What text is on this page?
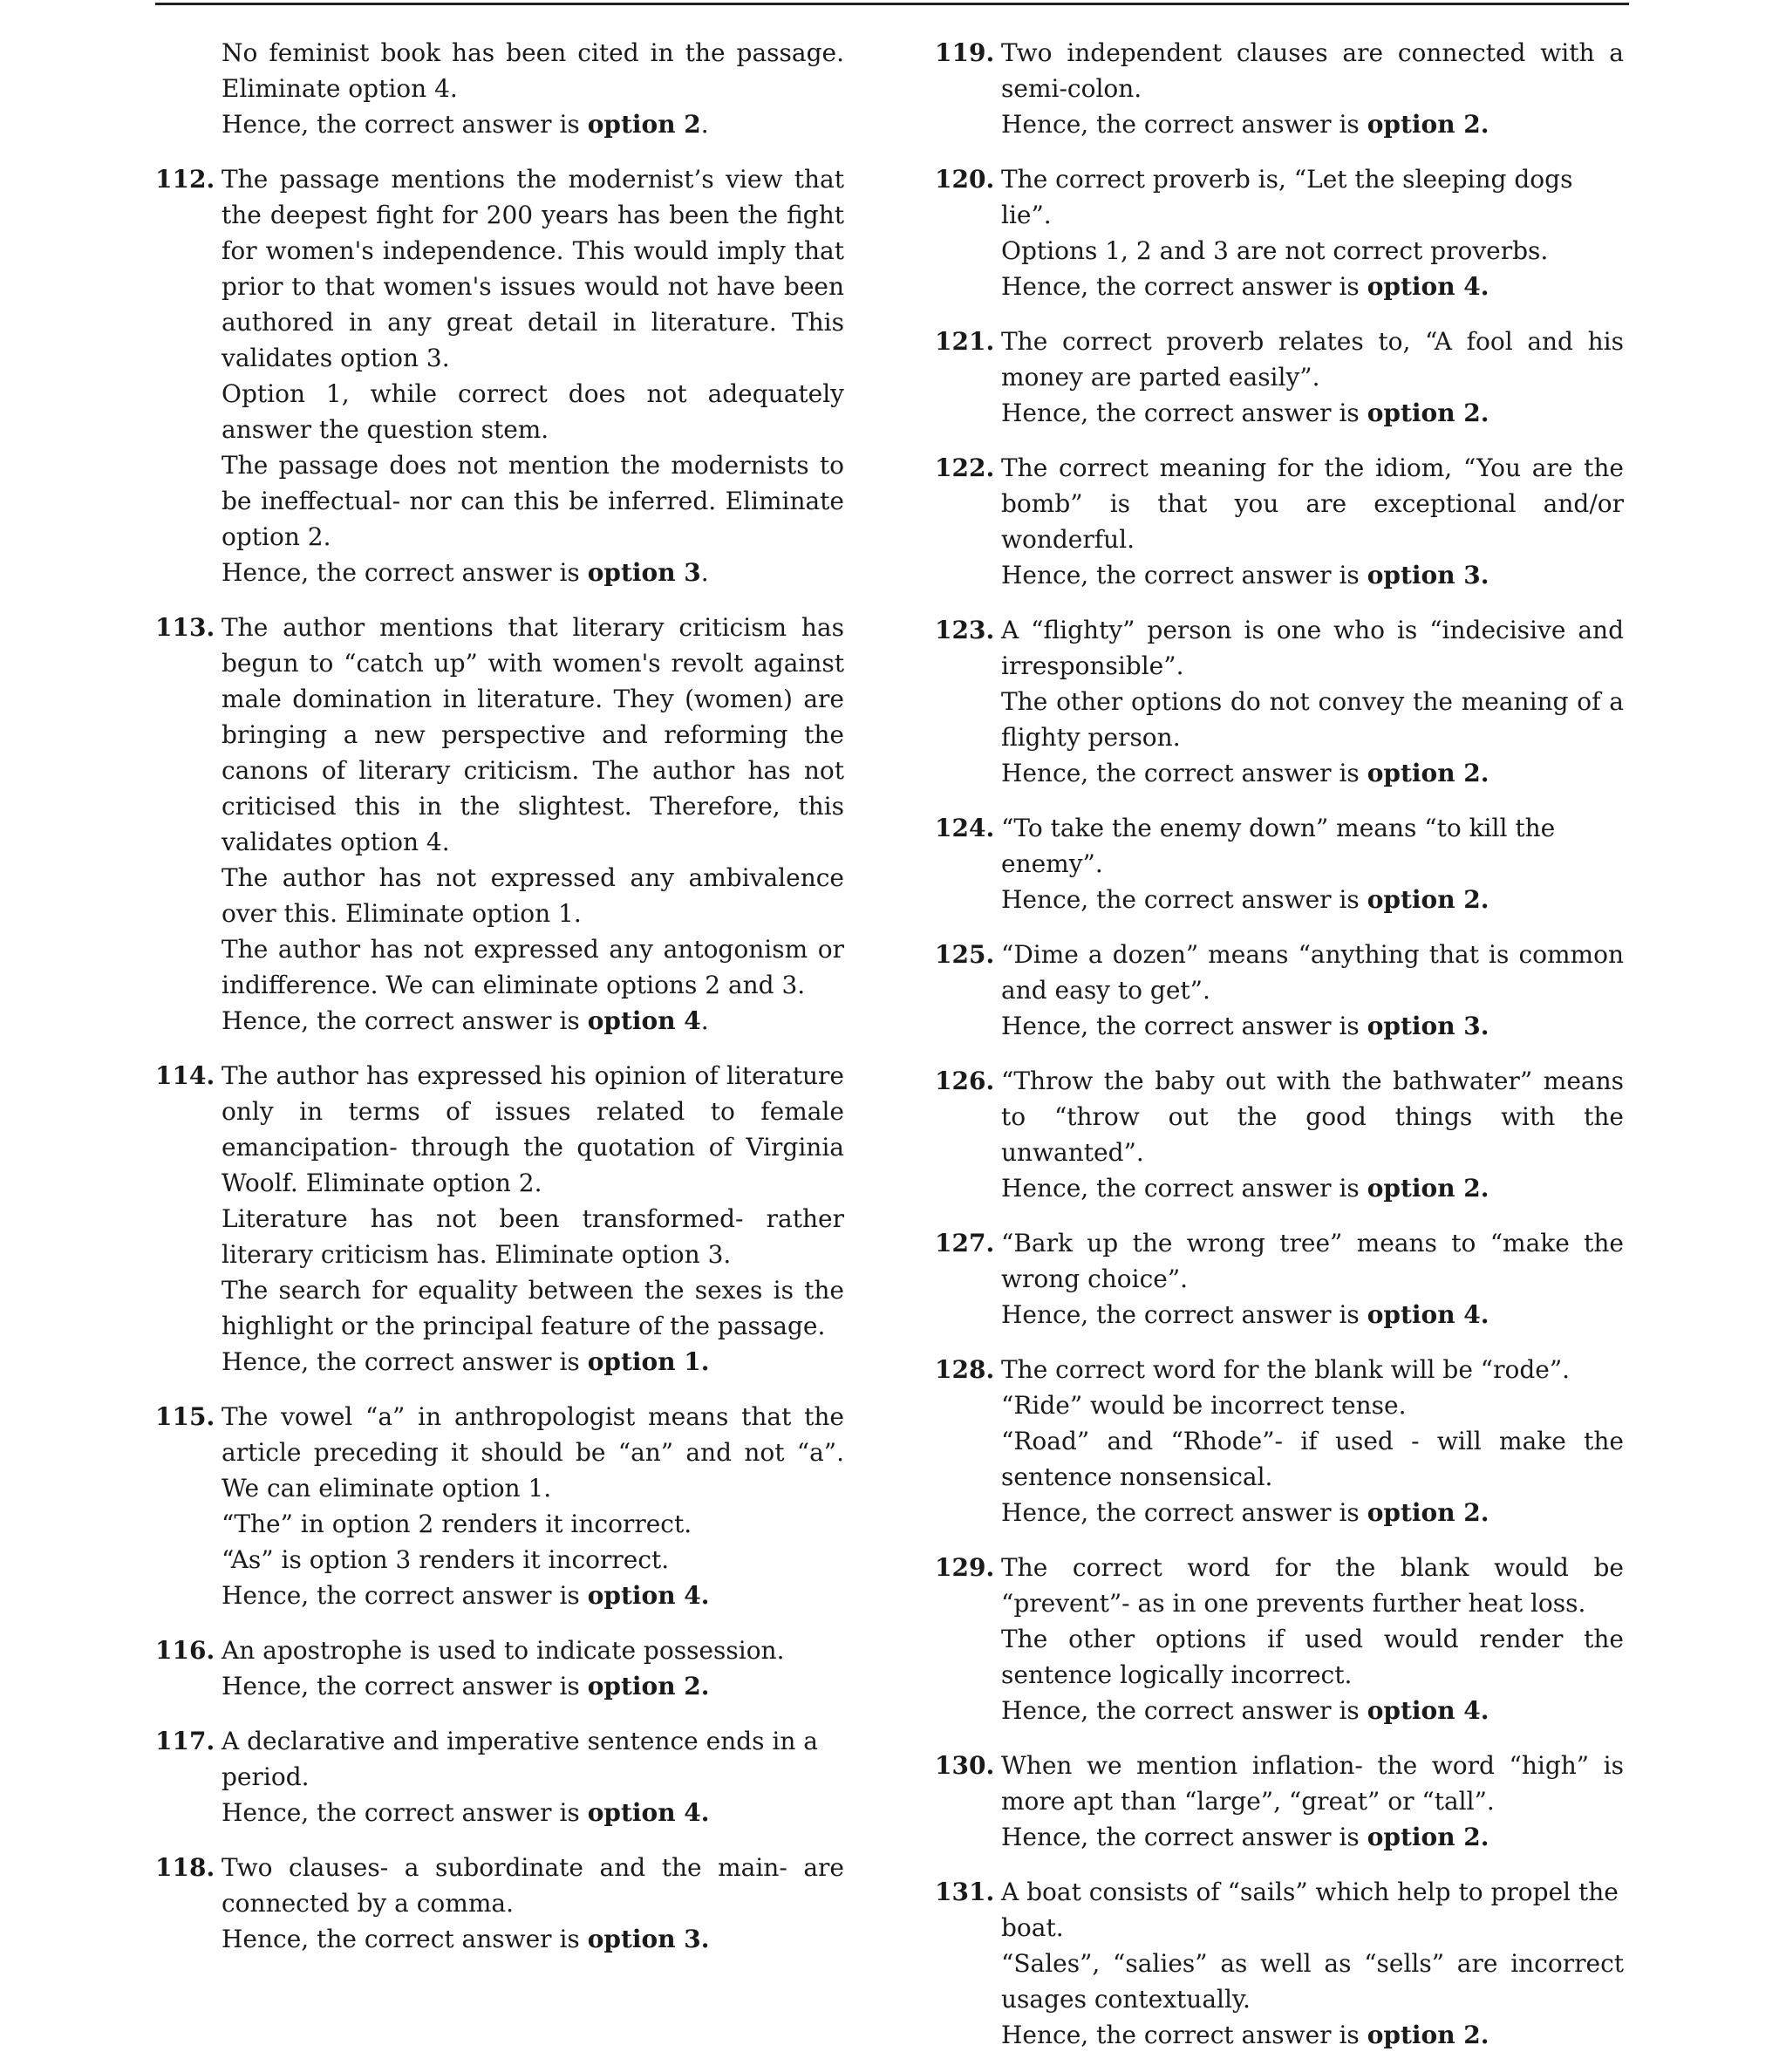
No feminist book has been cited in the passage. Eliminate option 4.
Hence, the correct answer is option 2.
112. The passage mentions the modernist’s view that the deepest fight for 200 years has been the fight for women's independence. This would imply that prior to that women's issues would not have been authored in any great detail in literature. This validates option 3.
Option 1, while correct does not adequately answer the question stem.
The passage does not mention the modernists to be ineffectual- nor can this be inferred. Eliminate option 2.
Hence, the correct answer is option 3.
113. The author mentions that literary criticism has begun to “catch up” with women's revolt against male domination in literature. They (women) are bringing a new perspective and reforming the canons of literary criticism. The author has not criticised this in the slightest. Therefore, this validates option 4.
The author has not expressed any ambivalence over this. Eliminate option 1.
The author has not expressed any antogonism or indifference. We can eliminate options 2 and 3.
Hence, the correct answer is option 4.
114. The author has expressed his opinion of literature only in terms of issues related to female emancipation- through the quotation of Virginia Woolf. Eliminate option 2.
Literature has not been transformed- rather literary criticism has. Eliminate option 3.
The search for equality between the sexes is the highlight or the principal feature of the passage.
Hence, the correct answer is option 1.
115. The vowel “a” in anthropologist means that the article preceding it should be “an” and not “a”. We can eliminate option 1.
“The” in option 2 renders it incorrect.
“As” is option 3 renders it incorrect.
Hence, the correct answer is option 4.
116. An apostrophe is used to indicate possession.
Hence, the correct answer is option 2.
117. A declarative and imperative sentence ends in a period.
Hence, the correct answer is option 4.
118. Two clauses- a subordinate and the main- are connected by a comma.
Hence, the correct answer is option 3.
119. Two independent clauses are connected with a semi-colon.
Hence, the correct answer is option 2.
120. The correct proverb is, “Let the sleeping dogs lie”.
Options 1, 2 and 3 are not correct proverbs.
Hence, the correct answer is option 4.
121. The correct proverb relates to, “A fool and his money are parted easily”.
Hence, the correct answer is option 2.
122. The correct meaning for the idiom, “You are the bomb” is that you are exceptional and/or wonderful.
Hence, the correct answer is option 3.
123. A “flighty” person is one who is “indecisive and irresponsible”.
The other options do not convey the meaning of a flighty person.
Hence, the correct answer is option 2.
124. “To take the enemy down” means “to kill the enemy”.
Hence, the correct answer is option 2.
125. “Dime a dozen” means “anything that is common and easy to get”.
Hence, the correct answer is option 3.
126. “Throw the baby out with the bathwater” means to “throw out the good things with the unwanted”.
Hence, the correct answer is option 2.
127. “Bark up the wrong tree” means to “make the wrong choice”.
Hence, the correct answer is option 4.
128. The correct word for the blank will be “rode”.
“Ride” would be incorrect tense.
“Road” and “Rhode”- if used - will make the sentence nonsensical.
Hence, the correct answer is option 2.
129. The correct word for the blank would be “prevent”- as in one prevents further heat loss.
The other options if used would render the sentence logically incorrect.
Hence, the correct answer is option 4.
130. When we mention inflation- the word “high” is more apt than “large”, “great” or “tall”.
Hence, the correct answer is option 2.
131. A boat consists of “sails” which help to propel the boat.
“Sales”, “salies” as well as “sells” are incorrect usages contextually.
Hence, the correct answer is option 2.
